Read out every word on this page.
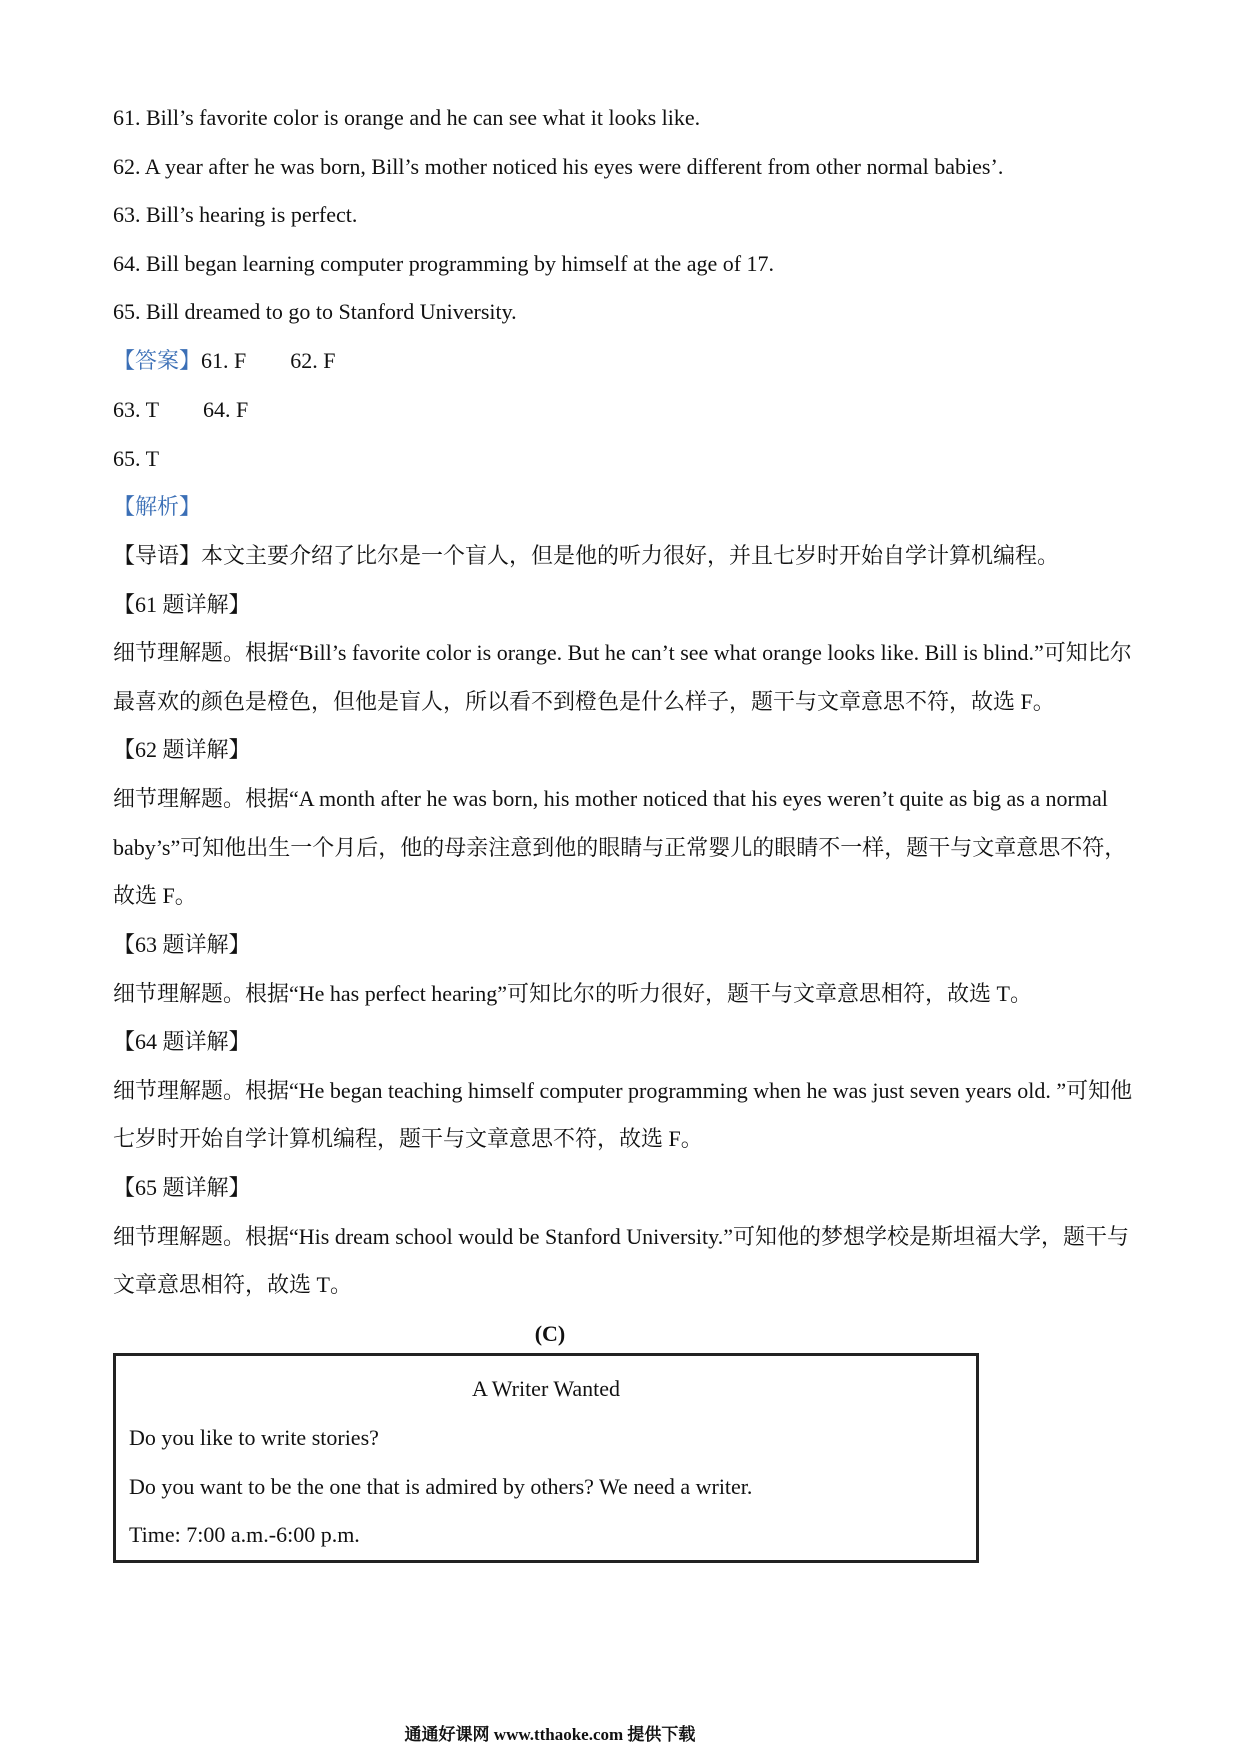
61. Bill’s favorite color is orange and he can see what it looks like.
62. A year after he was born, Bill’s mother noticed his eyes were different from other normal babies’.
63. Bill’s hearing is perfect.
64. Bill began learning computer programming by himself at the age of 17.
65. Bill dreamed to go to Stanford University.
【答案】61. F 62. F
63. T 64. F
65. T
【解析】
【导语】本文主要介绍了比尔是一个盲人，但是他的听力很好，并且七岁时开始自学计算机编程。
【61 题详解】
细节理解题。根据“Bill’s favorite color is orange. But he can’t see what orange looks like. Bill is blind.”可知比尔
最喜欢的颜色是橙色，但他是盲人，所以看不到橙色是什么样子，题干与文章意思不符，故选 F。
【62 题详解】
细节理解题。根据“A month after he was born, his mother noticed that his eyes weren’t quite as big as a normal
baby’s”可知他出生一个月后，他的母亲注意到他的眼睛与正常婴儿的眼睛不一样，题干与文章意思不符，
故选 F。
【63 题详解】
细节理解题。根据“He has perfect hearing”可知比尔的听力很好，题干与文章意思相符，故选 T。
【64 题详解】
细节理解题。根据“He began teaching himself computer programming when he was just seven years old. ”可知他
七岁时开始自学计算机编程，题干与文章意思不符，故选 F。
【65 题详解】
细节理解题。根据“His dream school would be Stanford University.”可知他的梦想学校是斯坦福大学，题干与
文章意思相符，故选 T。
(C)
A Writer Wanted
Do you like to write stories?
Do you want to be the one that is admired by others? We need a writer.
Time: 7:00 a.m.-6:00 p.m.
通通好课网 www.tthaoke.com 提供下载
